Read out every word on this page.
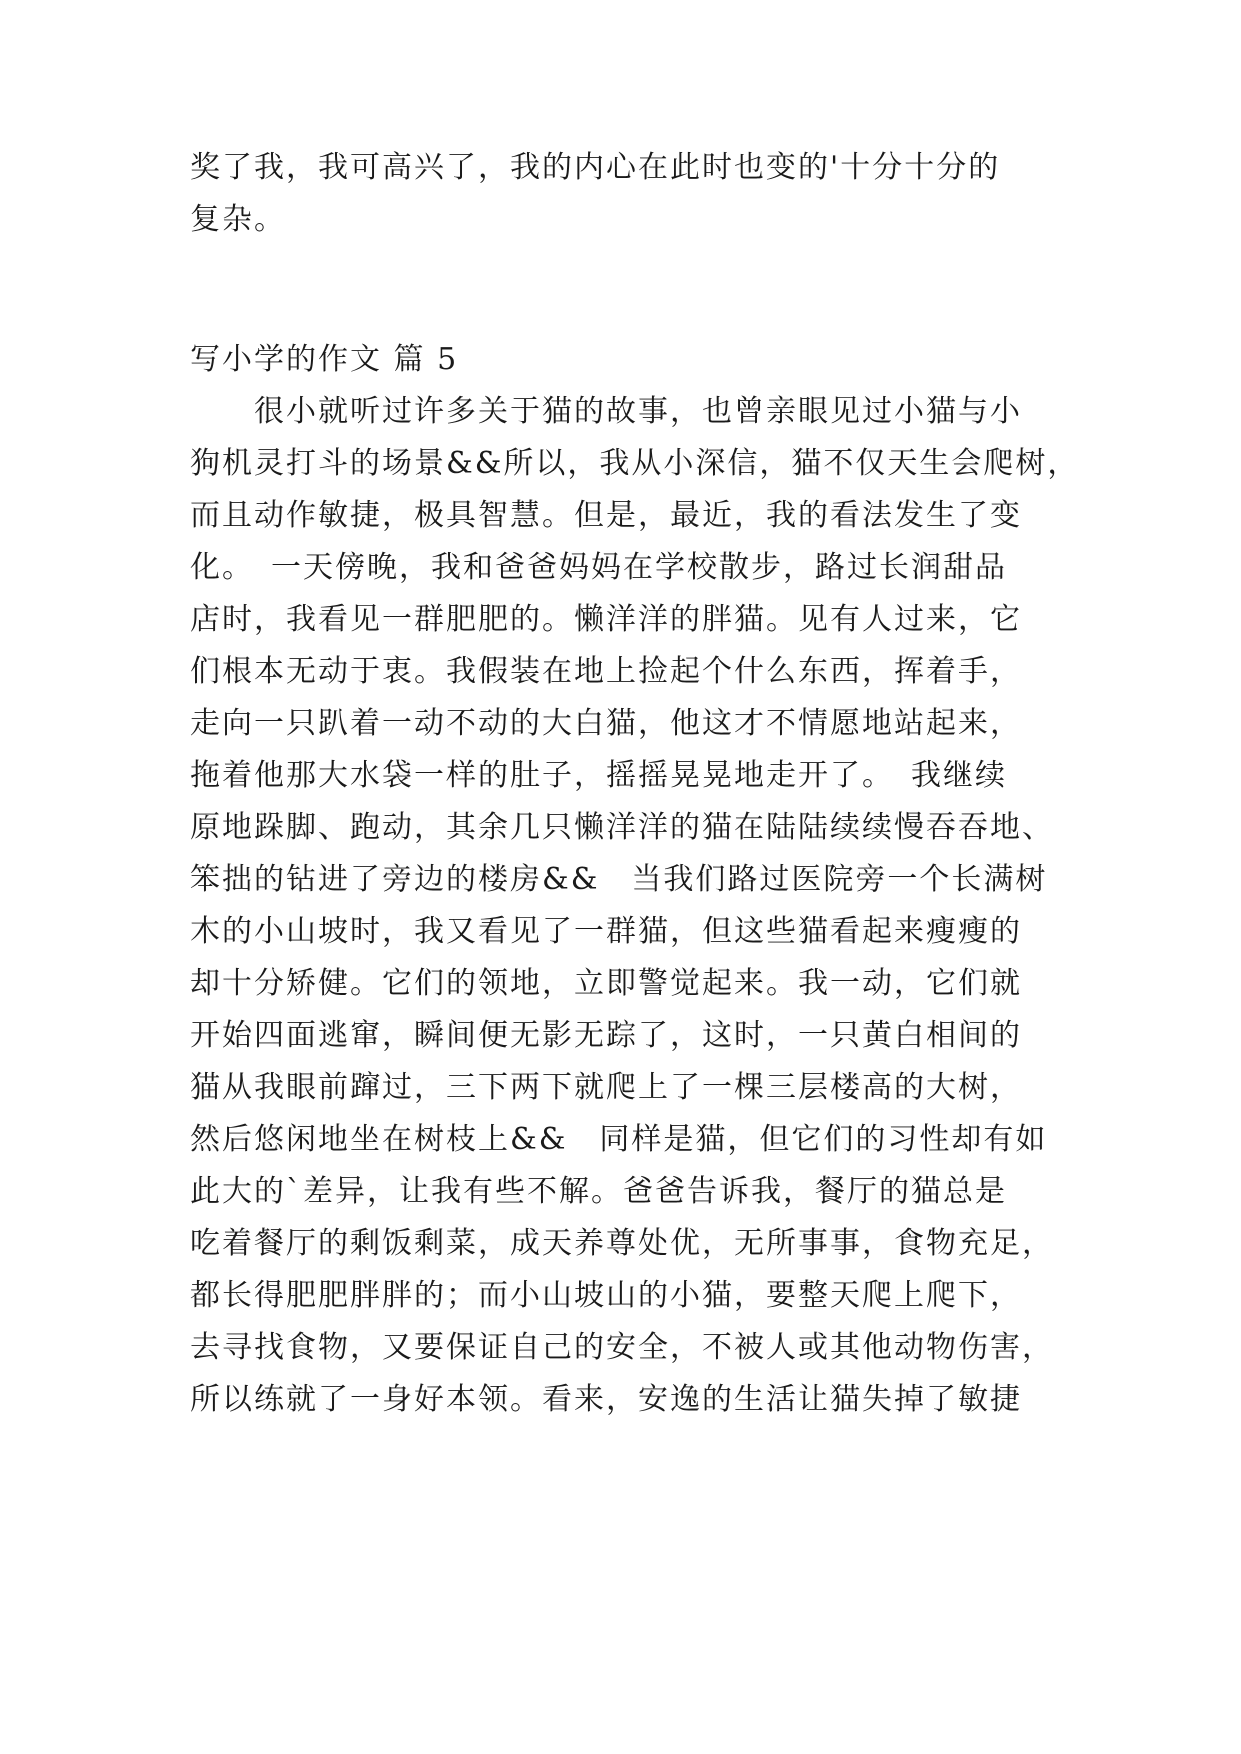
奖了我，我可高兴了，我的内心在此时也变的'十分十分的
复杂。
写小学的作文 篇 5
　　很小就听过许多关于猫的故事，也曾亲眼见过小猫与小
狗机灵打斗的场景&&所以，我从小深信，猫不仅天生会爬树，
而且动作敏捷，极具智慧。但是，最近，我的看法发生了变
化。　一天傍晚，我和爸爸妈妈在学校散步，路过长润甜品
店时，我看见一群肥肥的。懒洋洋的胖猫。见有人过来，它
们根本无动于衷。我假装在地上捡起个什么东西，挥着手，
走向一只趴着一动不动的大白猫，他这才不情愿地站起来，
拖着他那大水袋一样的肚子，摇摇晃晃地走开了。　我继续
原地跺脚、跑动，其余几只懒洋洋的猫在陆陆续续慢吞吞地、
笨拙的钻进了旁边的楼房&&　当我们路过医院旁一个长满树
木的小山坡时，我又看见了一群猫，但这些猫看起来瘦瘦的
却十分矫健。它们的领地，立即警觉起来。我一动，它们就
开始四面逃窜，瞬间便无影无踪了，这时，一只黄白相间的
猫从我眼前蹿过，三下两下就爬上了一棵三层楼高的大树，
然后悠闲地坐在树枝上&&　同样是猫，但它们的习性却有如
此大的`差异，让我有些不解。爸爸告诉我，餐厅的猫总是
吃着餐厅的剩饭剩菜，成天养尊处优，无所事事，食物充足，
都长得肥肥胖胖的；而小山坡山的小猫，要整天爬上爬下，
去寻找食物，又要保证自己的安全，不被人或其他动物伤害，
所以练就了一身好本领。看来，安逸的生活让猫失掉了敏捷
